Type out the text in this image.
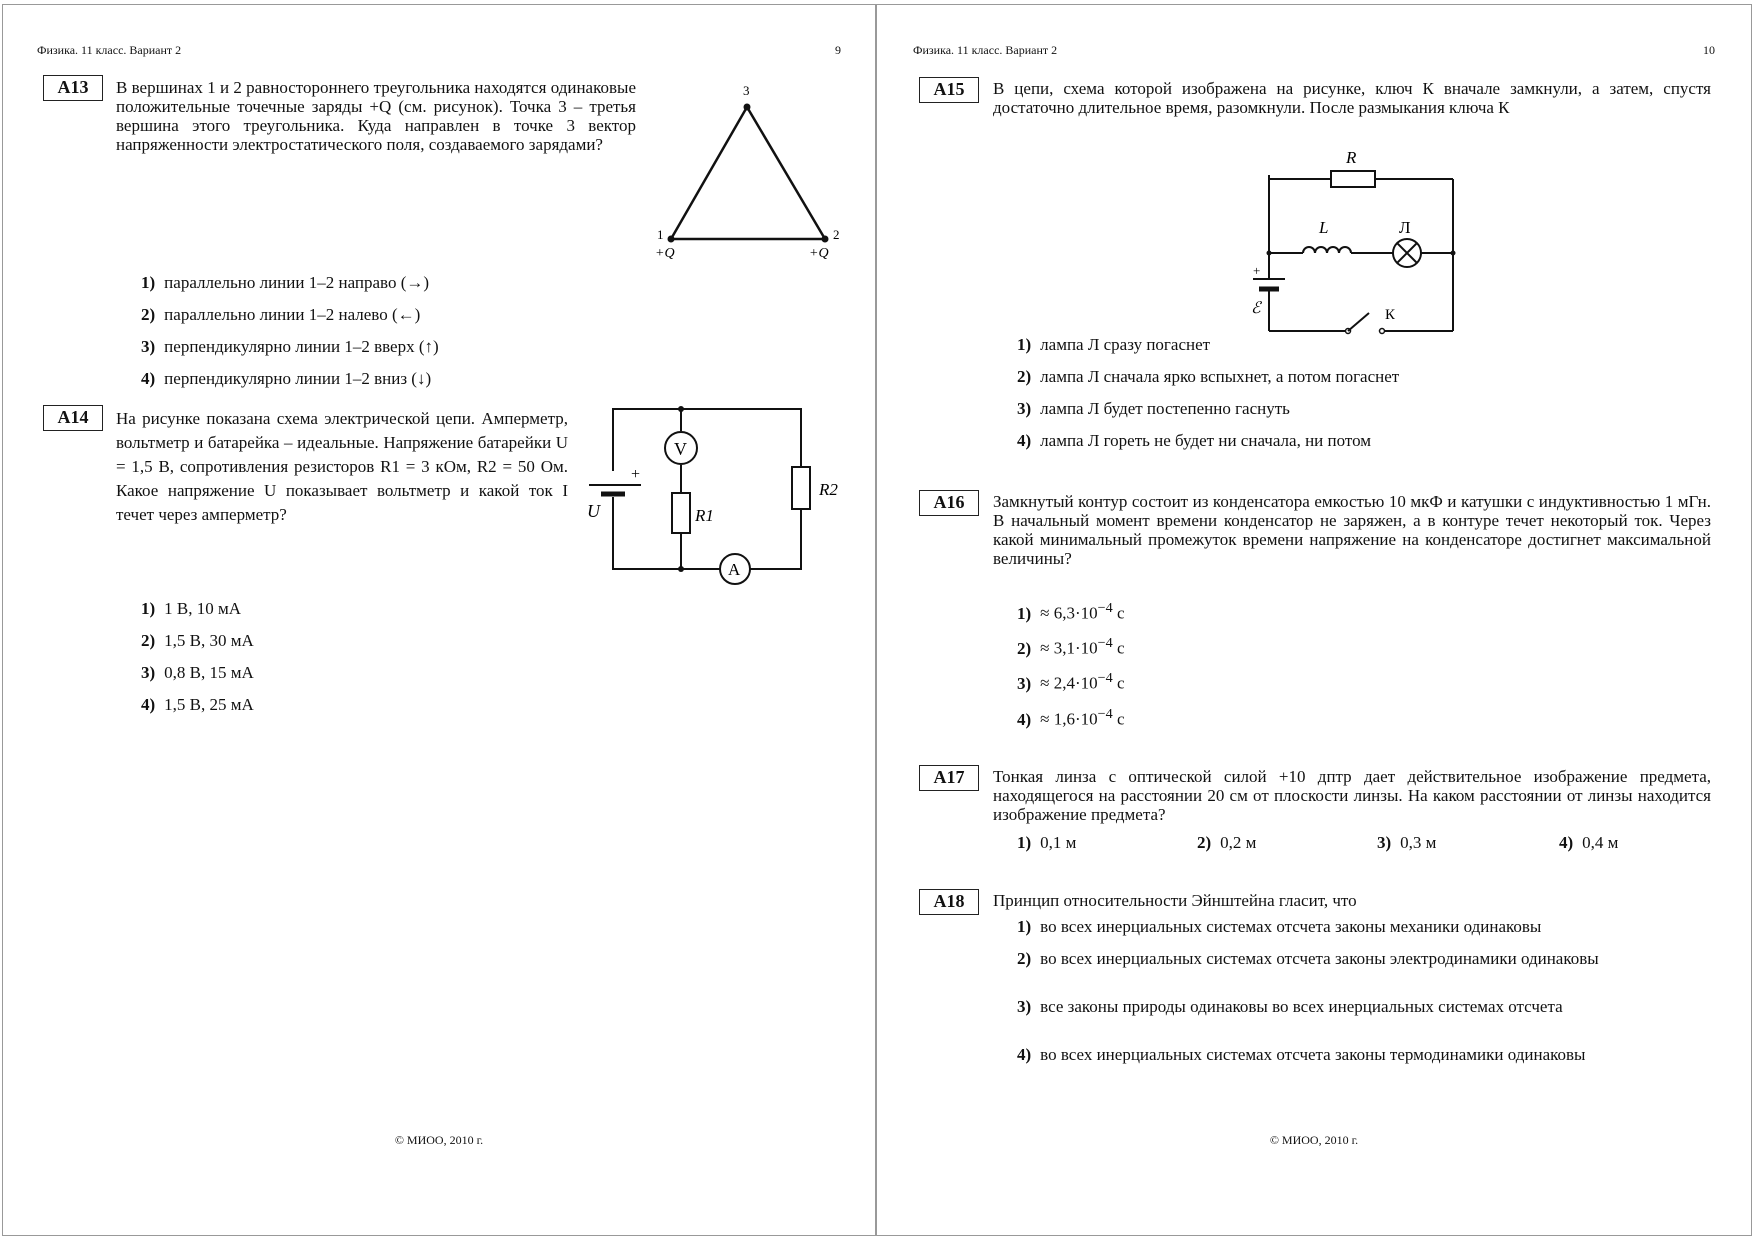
Физика. 11 класс. Вариант 2	9
A13	В вершинах 1 и 2 равностороннего треугольника находятся одинаковые положительные точечные заряды +Q (см. рисунок). Точка 3 – третья вершина этого треугольника. Куда направлен в точке 3 вектор напряженности электростатического поля, создаваемого зарядами?
3
1	2
+Q	+Q
1) параллельно линии 1–2 направо (→)
2) параллельно линии 1–2 налево (←)
3) перпендикулярно линии 1–2 вверх (↑)
4) перпендикулярно линии 1–2 вниз (↓)
A14	На рисунке показана схема электрической цепи. Амперметр, вольтметр и батарейка – идеальные. Напряжение батарейки U = 1,5 В, сопротивления резисторов R1 = 3 кОм, R2 = 50 Ом. Какое напряжение U показывает вольтметр и какой ток I течет через амперметр?
+
U
V
R1
R2
A
1) 1 В, 10 мА
2) 1,5 В, 30 мА
3) 0,8 В, 15 мА
4) 1,5 В, 25 мА
© МИОО, 2010 г.
Физика. 11 класс. Вариант 2	10
A15	В цепи, схема которой изображена на рисунке, ключ К вначале замкнули, а затем, спустя достаточно длительное время, разомкнули. После размыкания ключа К
R
L	Л
+
ℰ	К
1) лампа Л сразу погаснет
2) лампа Л сначала ярко вспыхнет, а потом погаснет
3) лампа Л будет постепенно гаснуть
4) лампа Л гореть не будет ни сначала, ни потом
A16	Замкнутый контур состоит из конденсатора емкостью 10 мкФ и катушки с индуктивностью 1 мГн. В начальный момент времени конденсатор не заряжен, а в контуре течет некоторый ток. Через какой минимальный промежуток времени напряжение на конденсаторе достигнет максимальной величины?
$1) \approx 6,3\cdot 10^{-4}$ с
$2) \approx 3,1\cdot 10^{-4}$ с
$3) \approx 2,4\cdot 10^{-4}$ с
$4) \approx 1,6\cdot 10^{-4}$ с
A17	Тонкая линза с оптической силой +10 дптр дает действительное изображение предмета, находящегося на расстоянии 20 см от плоскости линзы. На каком расстоянии от линзы находится изображение предмета?
1) 0,1 м	2) 0,2 м	3) 0,3 м	4) 0,4 м
A18	Принцип относительности Эйнштейна гласит, что
1) во всех инерциальных системах отсчета законы механики одинаковы
2) во всех инерциальных системах отсчета законы электродинамики одинаковы
3) все законы природы одинаковы во всех инерциальных системах отсчета
4) во всех инерциальных системах отсчета законы термодинамики одинаковы
© МИОО, 2010 г.
